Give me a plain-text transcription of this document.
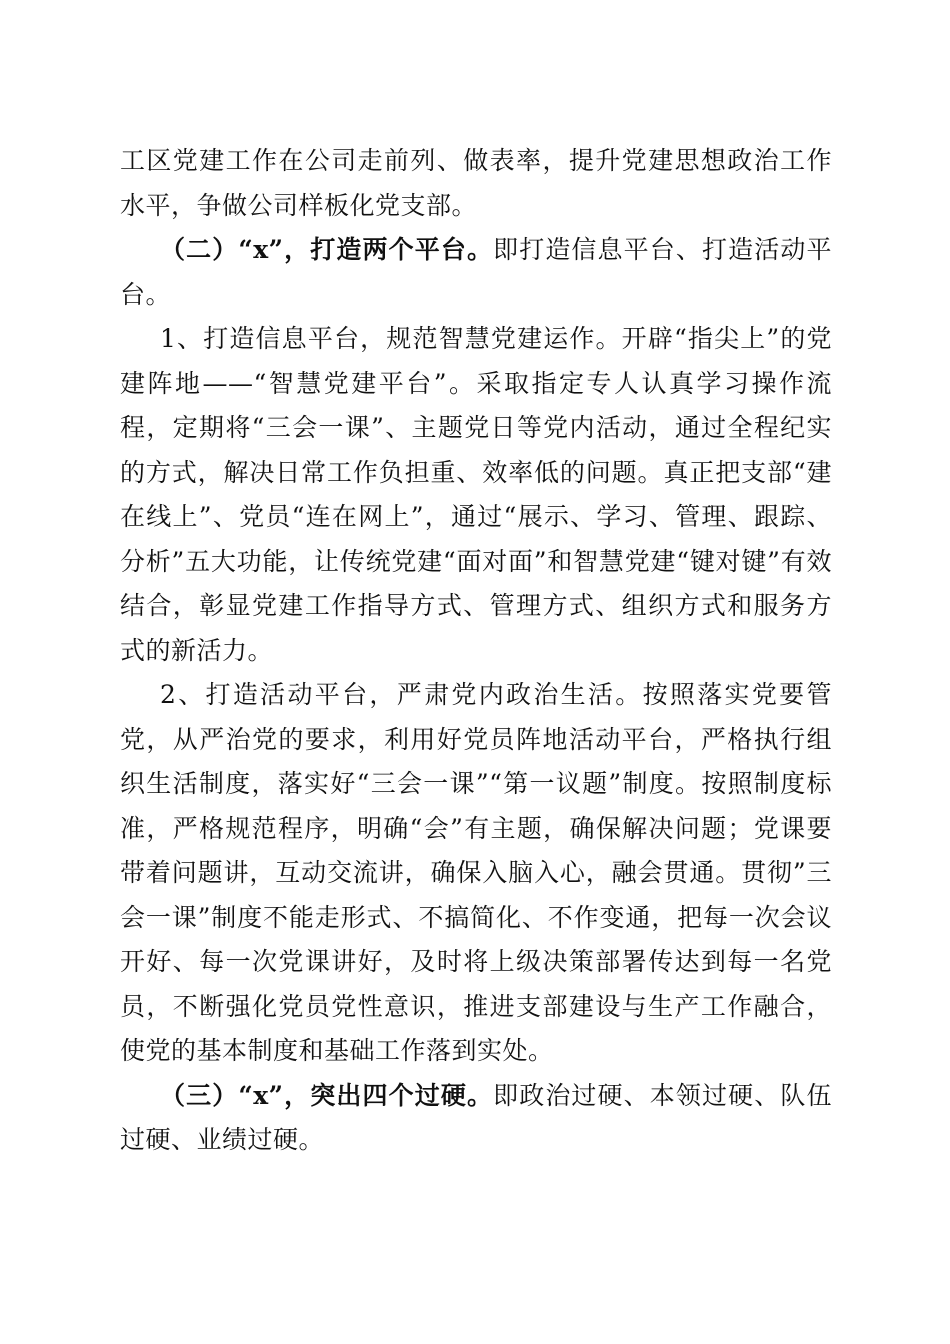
工区党建工作在公司走前列、做表率，提升党建思想政治工作水平，争做公司样板化党支部。

（二）“x”，打造两个平台。即打造信息平台、打造活动平台。

1、打造信息平台，规范智慧党建运作。开辟“指尖上”的党建阵地——“智慧党建平台”。采取指定专人认真学习操作流程，定期将“三会一课”、主题党日等党内活动，通过全程纪实的方式，解决日常工作负担重、效率低的问题。真正把支部“建在线上”、党员“连在网上”，通过“展示、学习、管理、跟踪、分析”五大功能，让传统党建“面对面”和智慧党建“键对键”有效结合，彰显党建工作指导方式、管理方式、组织方式和服务方式的新活力。

2、打造活动平台，严肃党内政治生活。按照落实党要管党，从严治党的要求，利用好党员阵地活动平台，严格执行组织生活制度，落实好“三会一课”“第一议题”制度。按照制度标准，严格规范程序，明确“会”有主题，确保解决问题；党课要带着问题讲，互动交流讲，确保入脑入心，融会贯通。贯彻”三会一课”制度不能走形式、不搞简化、不作变通，把每一次会议开好、每一次党课讲好，及时将上级决策部署传达到每一名党员，不断强化党员党性意识，推进支部建设与生产工作融合，使党的基本制度和基础工作落到实处。

（三）“x”，突出四个过硬。即政治过硬、本领过硬、队伍过硬、业绩过硬。
